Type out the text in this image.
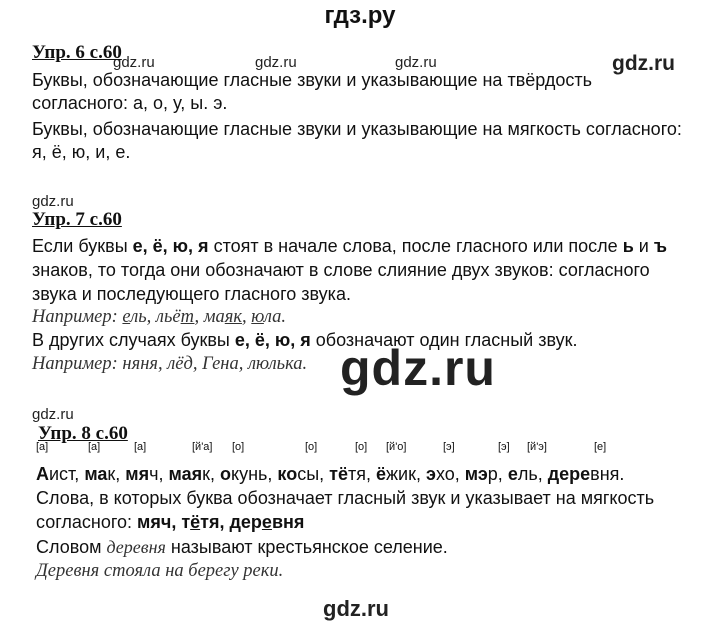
гдз.ру
gdz.ru	gdz.ru	gdz.ru	gdz.ru
Упр. 6 с.60
Буквы, обозначающие гласные звуки и указывающие на твёрдость
согласного: а, о, у, ы. э.
Буквы, обозначающие гласные звуки и указывающие на мягкость согласного:
я, ё, ю, и, е.
gdz.ru
Упр. 7 с.60
Если буквы е, ё, ю, я стоят в начале слова, после гласного или после ь и ъ
знаков, то тогда они обозначают в слове слияние двух звуков: согласного
звука и последующего гласного звука.
Например: ель, льёт, маяк, юла.
В других случаях буквы е, ё, ю, я обозначают один гласный звук.
Например: няня, лёд, Гена, люлька. gdz.ru
gdz.ru
Упр. 8 с.60
[а]	[а]	[а]	[й'а] [о]	[о]	[о] [й'о]	[э]	[э] [й'э]	[е]
Аист, мак, мяч, маяк, окунь, косы, тётя, ёжик, эхо, мэр, ель, деревня.
Слова, в которых буква обозначает гласный звук и указывает на мягкость
согласного: мяч, тётя, деревня
Словом деревня называют крестьянское селение.
Деревня стояла на берегу реки.
gdz.ru
